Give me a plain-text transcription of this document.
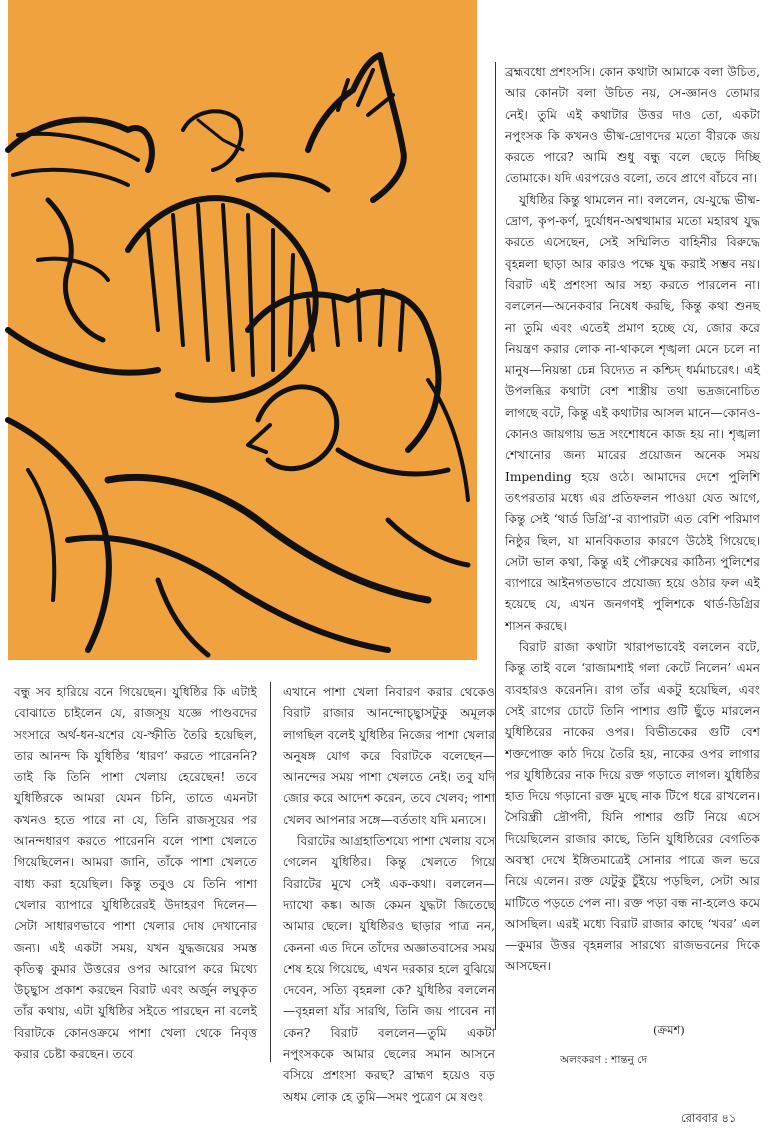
ব্রহ্মবধো প্রশংসসি। কোন কথাটা আমাকে বলা উচিত, আর কোনটা বলা উচিত নয়, সে-জ্ঞানও তোমার নেই। তুমি এই কথাটার উত্তর দাও তো, একটা নপুংসক কি কখনও ভীষ্ম-দ্রোণদের মতো বীরকে জয় করতে পারে? আমি শুধু বন্ধু বলে ছেড়ে দিচ্ছি তোমাকে। যদি এরপরেও বলো, তবে প্রাণে বাঁচবে না।

যুধিষ্ঠির কিন্তু থামলেন না। বললেন, যে-যুদ্ধে ভীষ্ম-দ্রোণ, কৃপ-কর্ণ, দুর্যোধন-অশ্বত্থামার মতো মহারথ যুদ্ধ করতে এসেছেন, সেই সম্মিলিত বাহিনীর বিরুদ্ধে বৃহন্নলা ছাড়া আর কারও পক্ষে যুদ্ধ করাই সম্ভব নয়। বিরাট এই প্রশংসা আর সহ্য করতে পারলেন না। বললেন—অনেকবার নিষেধ করছি, কিন্তু কথা শুনছ না তুমি এবং এতেই প্রমাণ হচ্ছে যে, জোর করে নিয়ন্ত্রণ করার লোক না-থাকলে শৃঙ্খলা মেনে চলে না মানুষ—নিয়ন্তা চেন্ন বিদ্যেত ন কশ্চিদ্ ধর্মমাচরেৎ। এই উপলব্ধির কথাটা বেশ শাস্ত্রীয় তথা ভদ্রজনোচিত লাগছে বটে, কিন্তু এই কথাটার আসল মানে—কোনও-কোনও জায়গায় ভদ্র সংশোধনে কাজ হয় না। শৃঙ্খলা শেখানোর জন্য মারের প্রয়োজন অনেক সময় Impending হয়ে ওঠে। আমাদের দেশে পুলিশি তৎপরতার মধ্যে এর প্রতিফলন পাওয়া যেত আগে, কিন্তু সেই ‘থার্ড ডিগ্রি’-র ব্যাপারটা এত বেশি পরিমাণ নিষ্ঠুর ছিল, যা মানবিকতার কারণে উঠেই গিয়েছে। সেটা ভাল কথা, কিন্তু এই পৌরুষের কাঠিন্য পুলিশের ব্যাপারে আইনগতভাবে প্রযোজ্য হয়ে ওঠার ফল এই হয়েছে যে, এখন জনগণই পুলিশকে থার্ড-ডিগ্রির শাসন করছে।

বিরাট রাজা কথাটা খারাপভাবেই বললেন বটে, কিন্তু তাই বলে ‘রাজামশাই গলা কেটে নিলেন’ এমন ব্যবহারও করেননি। রাগ তাঁর একটু হয়েছিল, এবং সেই রাগের চোটে তিনি পাশার গুটি ছুঁড়ে মারলেন যুধিষ্ঠিরের নাকের ওপর। বিভীতকের গুটি বেশ শক্তপোক্ত কাঠ দিয়ে তৈরি হয়, নাকের ওপর লাগার পর যুধিষ্ঠিরের নাক দিয়ে রক্ত গড়াতে লাগল। যুধিষ্ঠির হাত দিয়ে গড়ানো রক্ত মুছে নাক টিপে ধরে রাখলেন। সৈরিন্ধ্রী দ্রৌপদী, যিনি পাশার গুটি নিয়ে এসে দিয়েছিলেন রাজার কাছে, তিনি যুধিষ্ঠিরের বেগতিক অবস্থা দেখে ইঙ্গিতমাত্রেই সোনার পাত্রে জল ভরে নিয়ে এলেন। রক্ত যেটুকু চুঁইয়ে পড়ছিল, সেটা আর মাটিতে পড়তে পেল না। রক্ত পড়া বন্ধ না-হলেও কমে আসছিল। এরই মধ্যে বিরাট রাজার কাছে ‘খবর’ এল—কুমার উত্তর বৃহন্নলার সারথ্যে রাজভবনের দিকে আসছেন।

বন্ধু সব হারিয়ে বনে গিয়েছেন। যুধিষ্ঠির কি এটাই বোঝাতে চাইলেন যে, রাজসূয় যজ্ঞে পাণ্ডবদের সংসারে অর্থ-ধন-যশের যে-স্ফীতি তৈরি হয়েছিল, তার আনন্দ কি যুধিষ্ঠির ‘ধারণ’ করতে পারেননি? তাই কি তিনি পাশা খেলায় হেরেছেন! তবে যুধিষ্ঠিরকে আমরা যেমন চিনি, তাতে এমনটা কখনও হতে পারে না যে, তিনি রাজসূয়ের পর আনন্দধারণ করতে পারেননি বলে পাশা খেলতে গিয়েছিলেন। আমরা জানি, তাঁকে পাশা খেলতে বাধ্য করা হয়েছিল। কিন্তু তবুও যে তিনি পাশা খেলার ব্যাপারে যুধিষ্ঠিরেরই উদাহরণ দিলেন—সেটা সাধারণভাবে পাশা খেলার দোষ দেখানোর জন্য। এই একটা সময়, যখন যুদ্ধজয়ের সমস্ত কৃতিত্ব কুমার উত্তরের ওপর আরোপ করে মিথ্যে উচ্ছ্বাস প্রকাশ করছেন বিরাট এবং অর্জুন লঘুকৃত তাঁর কথায়, এটা যুধিষ্ঠির সইতে পারছেন না বলেই বিরাটকে কোনওক্রমে পাশা খেলা থেকে নিবৃত্ত করার চেষ্টা করছেন। তবে

এখানে পাশা খেলা নিবারণ করার থেকেও বিরাট রাজার আনন্দোচ্ছ্বাসটুকু অমূলক লাগছিল বলেই যুধিষ্ঠির নিজের পাশা খেলার অনুষঙ্গ যোগ করে বিরাটকে বলেছেন—আনন্দের সময় পাশা খেলতে নেই। তবু যদি জোর করে আদেশ করেন, তবে খেলব; পাশা খেলব আপনার সঙ্গে—বর্ততাং যদি মন্যসে।

বিরাটের আগ্রহাতিশয্যে পাশা খেলায় বসে গেলেন যুধিষ্ঠির। কিন্তু খেলতে গিয়ে বিরাটের মুখে সেই এক-কথা। বললেন—দ্যাখো কঙ্ক। আজ কেমন যুদ্ধটা জিতেছে আমার ছেলে। যুধিষ্ঠিরও ছাড়ার পাত্র নন, কেননা এত দিনে তাঁদের অজ্ঞাতবাসের সময় শেষ হয়ে গিয়েছে, এখন দরকার হলে বুঝিয়ে দেবেন, সত্যি বৃহন্নলা কে? যুধিষ্ঠির বললেন—বৃহন্নলা যাঁর সারথি, তিনি জয় পাবেন না কেন? বিরাট বললেন—তুমি একটা নপুংসককে আমার ছেলের সমান আসনে বসিয়ে প্রশংসা করছ? ব্রাহ্মণ হয়েও বড় অধম লোক হে তুমি—সমং পুত্রেণ মে ষণ্ডং

(ক্রমশ)
অলংকরণ : শান্তনু দে
রোববার ৪১
